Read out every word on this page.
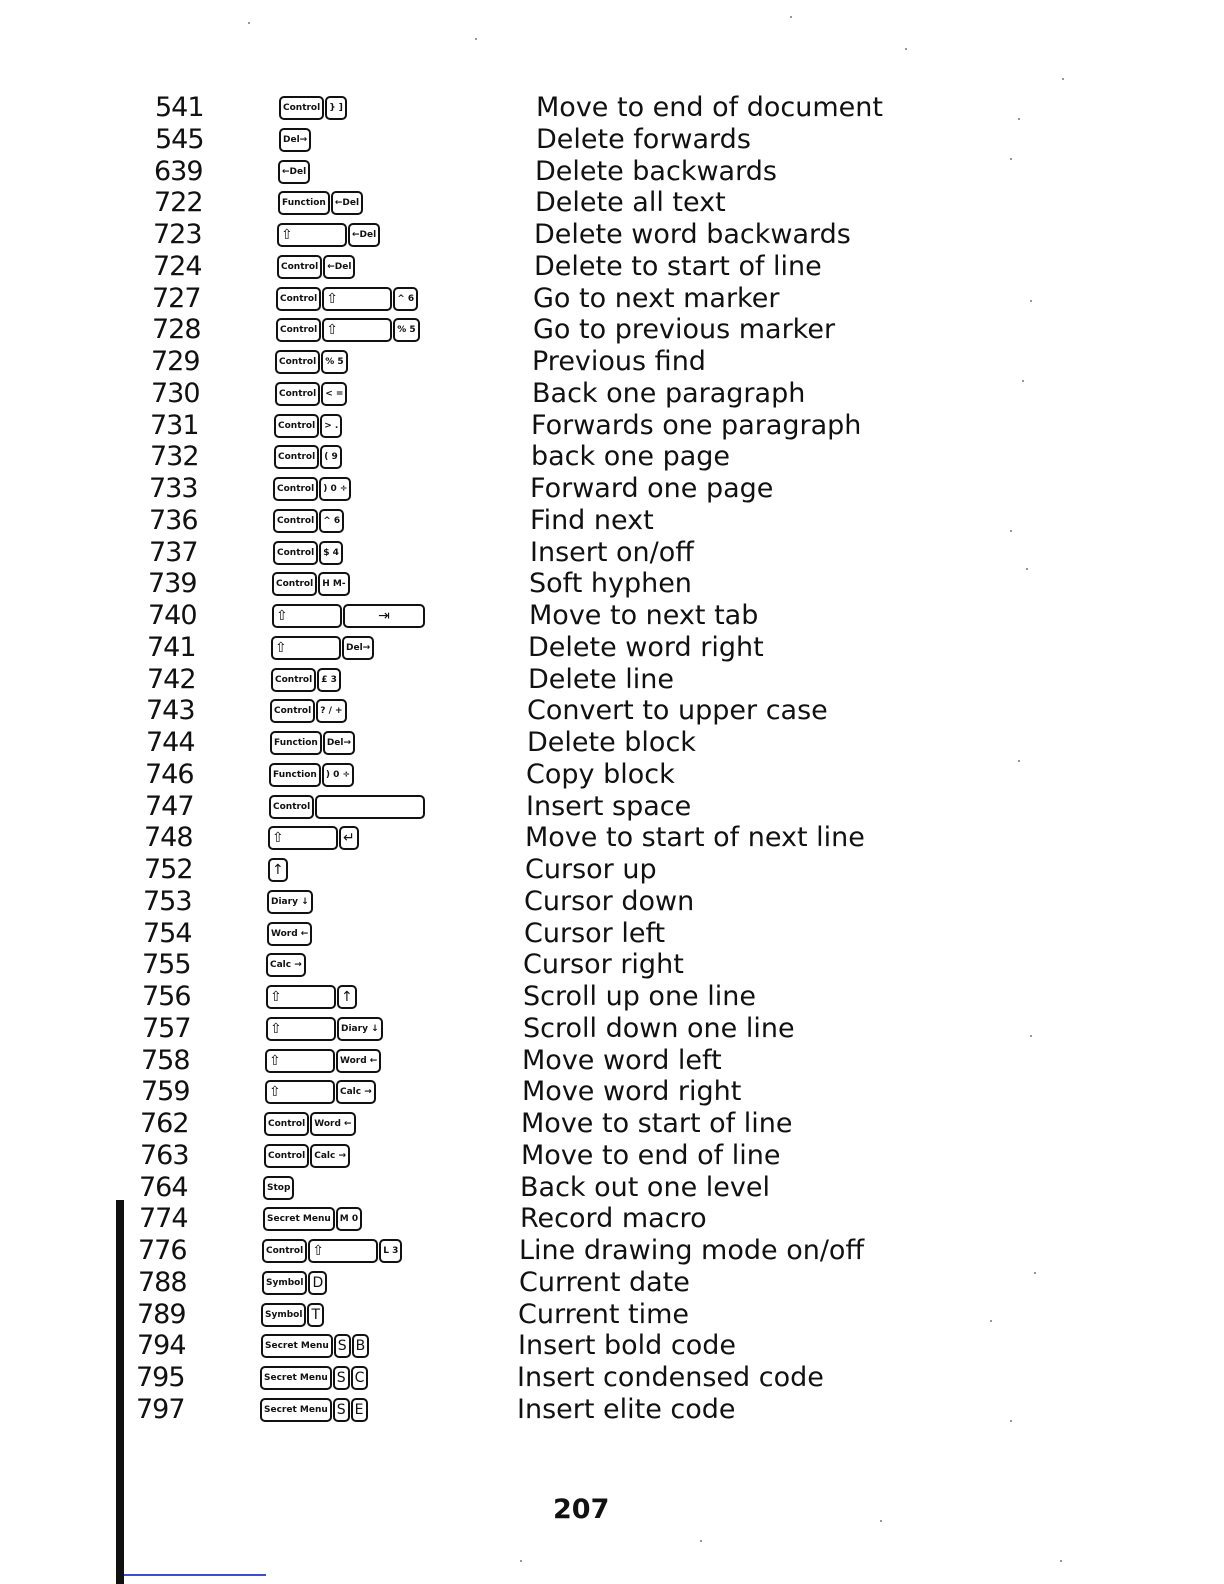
541	Control	} ]	Move to end of document
545	Del→	Delete forwards
639	←Del	Delete backwards
722	Function	←Del	Delete all text
723	⇧	←Del	Delete word backwards
724	Control	←Del	Delete to start of line
727	Control ⇧	^ 6	Go to next marker
728	Control ⇧	% 5	Go to previous marker
729	Control	% 5	Previous find
730	Control	< =	Back one paragraph
731	Control	> .	Forwards one paragraph
732	Control	( 9	back one page
733	Control	) 0 ÷	Forward one page
736	Control	^ 6	Find next
737	Control	$ 4	Insert on/off
739	Control	H M-	Soft hyphen
740	⇧	⇥	Move to next tab
741	⇧	Del→	Delete word right
742	Control	£ 3	Delete line
743	Control	? / +	Convert to upper case
744	Function	Del→	Delete block
746	Function	) 0 ÷	Copy block
747	Control	Insert space
748	⇧	↵	Move to start of next line
752	↑	Cursor up
753	Diary ↓	Cursor down
754	Word ←	Cursor left
755	Calc →	Cursor right
756	⇧	↑	Scroll up one line
757	⇧	Diary ↓	Scroll down one line
758	⇧	Word ←	Move word left
759	⇧	Calc →	Move word right
762	Control	Word ←	Move to start of line
763	Control	Calc →	Move to end of line
764	Stop	Back out one level
774	Secret Menu	M 0	Record macro
776	Control ⇧	L 3	Line drawing mode on/off
788	Symbol D	Current date
789	Symbol T	Current time
794	Secret Menu S B	Insert bold code
795	Secret Menu S C	Insert condensed code
797	Secret Menu S E	Insert elite code
207
